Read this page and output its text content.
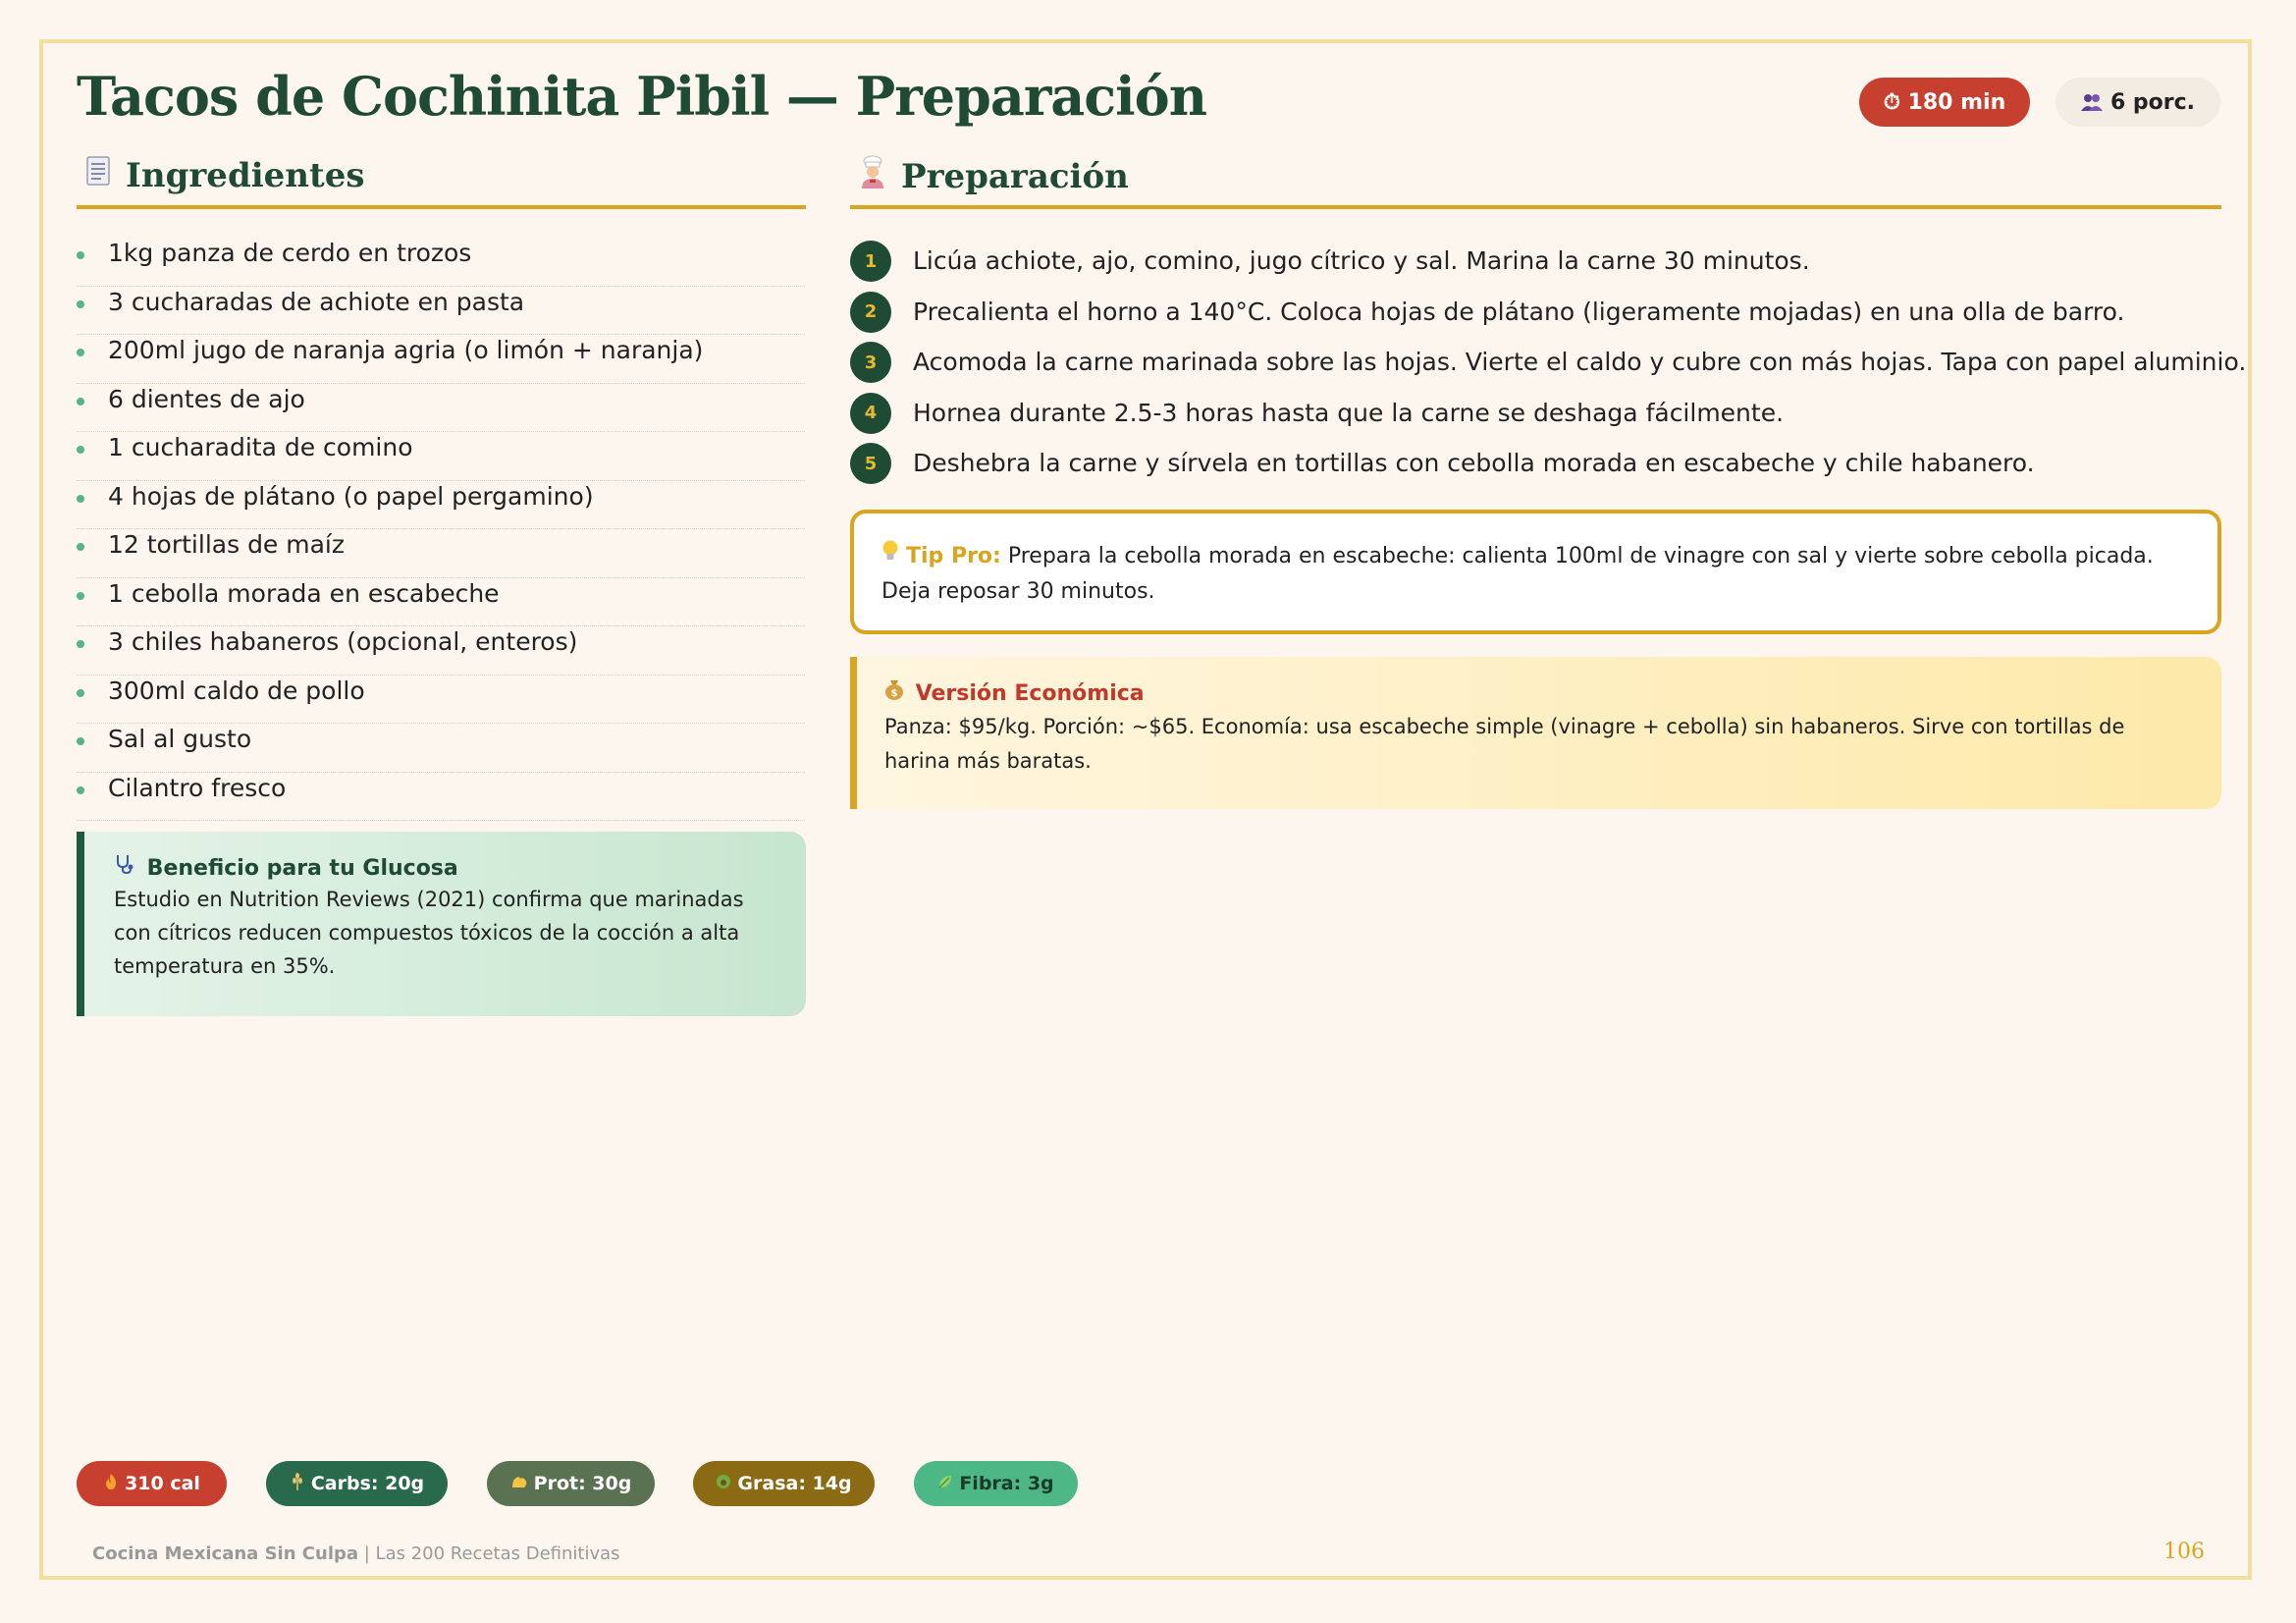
Tacos de Cochinita Pibil — Preparación	⏱ 180 min	6 porc.
Ingredientes
1kg panza de cerdo en trozos
3 cucharadas de achiote en pasta
200ml jugo de naranja agria (o limón + naranja)
6 dientes de ajo
1 cucharadita de comino
4 hojas de plátano (o papel pergamino)
12 tortillas de maíz
1 cebolla morada en escabeche
3 chiles habaneros (opcional, enteros)
300ml caldo de pollo
Sal al gusto
Cilantro fresco
Beneficio para tu Glucosa
Estudio en Nutrition Reviews (2021) confirma que marinadas con cítricos reducen compuestos tóxicos de la cocción a alta temperatura en 35%.
Preparación
1	Licúa achiote, ajo, comino, jugo cítrico y sal. Marina la carne 30 minutos.
2	Precalienta el horno a 140°C. Coloca hojas de plátano (ligeramente mojadas) en una olla de barro.
3	Acomoda la carne marinada sobre las hojas. Vierte el caldo y cubre con más hojas. Tapa con papel aluminio.
4	Hornea durante 2.5-3 horas hasta que la carne se deshaga fácilmente.
5	Deshebra la carne y sírvela en tortillas con cebolla morada en escabeche y chile habanero.
Tip Pro: Prepara la cebolla morada en escabeche: calienta 100ml de vinagre con sal y vierte sobre cebolla picada. Deja reposar 30 minutos.
$ Versión Económica
Panza: $95/kg. Porción: ~$65. Economía: usa escabeche simple (vinagre + cebolla) sin habaneros. Sirve con tortillas de harina más baratas.
310 cal	Carbs: 20g	Prot: 30g	Grasa: 14g	Fibra: 3g
Cocina Mexicana Sin Culpa | Las 200 Recetas Definitivas	106
